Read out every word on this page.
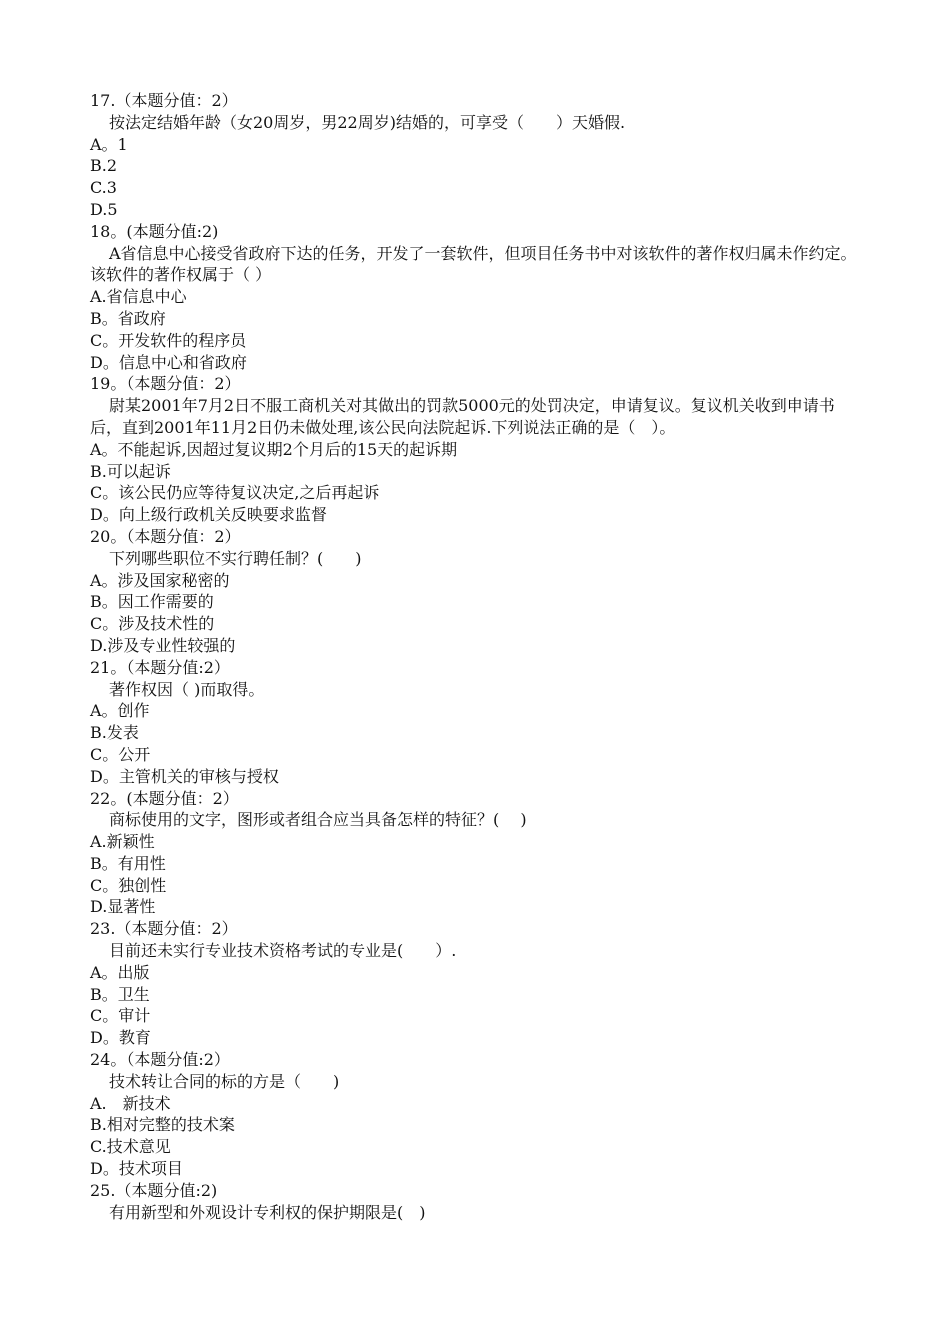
17.（本题分值：2）
按法定结婚年龄（女20周岁，男22周岁)结婚的，可享受（　　）天婚假.
A。1
B.2
C.3
D.5
18。(本题分值:2)
A省信息中心接受省政府下达的任务，开发了一套软件，但项目任务书中对该软件的著作权归属未作约定。该软件的著作权属于（ ）
A.省信息中心
B。省政府
C。开发软件的程序员
D。信息中心和省政府
19。（本题分值：2）
尉某2001年7月2日不服工商机关对其做出的罚款5000元的处罚决定，申请复议。复议机关收到申请书后，直到2001年11月2日仍未做处理,该公民向法院起诉.下列说法正确的是（　）。
A。不能起诉,因超过复议期2个月后的15天的起诉期
B.可以起诉
C。该公民仍应等待复议决定,之后再起诉
D。向上级行政机关反映要求监督
20。（本题分值：2）
下列哪些职位不实行聘任制？(　　)
A。涉及国家秘密的
B。因工作需要的
C。涉及技术性的
D.涉及专业性较强的
21。（本题分值:2）
著作权因（ )而取得。
A。创作
B.发表
C。公开
D。主管机关的审核与授权
22。(本题分值：2）
商标使用的文字，图形或者组合应当具备怎样的特征？( 　)
A.新颖性
B。有用性
C。独创性
D.显著性
23.（本题分值：2）
目前还未实行专业技术资格考试的专业是(　　）.
A。出版
B。卫生
C。审计
D。教育
24。（本题分值:2）
技术转让合同的标的方是（　　)
A.　新技术
B.相对完整的技术案
C.技术意见
D。技术项目
25.（本题分值:2)
有用新型和外观设计专利权的保护期限是(　)
